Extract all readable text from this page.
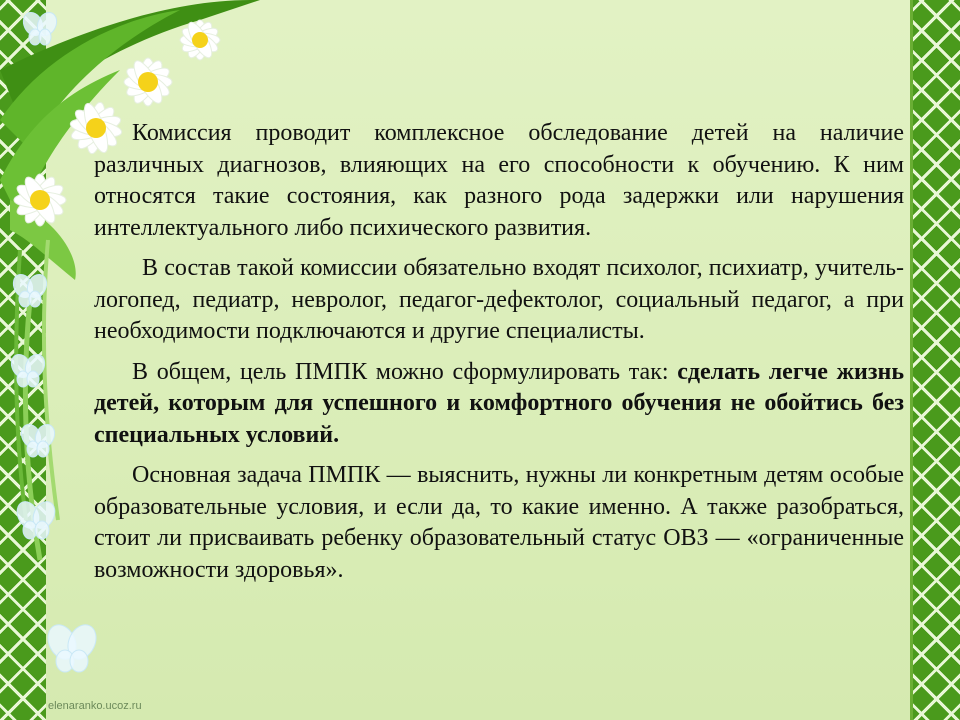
Комиссия проводит комплексное обследование детей на наличие различных диагнозов, влияющих на его способности к обучению. К ним относятся такие состояния, как разного рода задержки или нарушения интеллектуального либо психического развития.

В состав такой комиссии обязательно входят психолог, психиатр, учитель-логопед, педиатр, невролог, педагог-дефектолог, социальный педагог, а при необходимости подключаются и другие специалисты.

В общем, цель ПМПК можно сформулировать так: сделать легче жизнь детей, которым для успешного и комфортного обучения не обойтись без специальных условий.

Основная задача ПМПК — выяснить, нужны ли конкретным детям особые образовательные условия, и если да, то какие именно. А также разобраться, стоит ли присваивать ребенку образовательный статус ОВЗ — «ограниченные возможности здоровья».

elenaranko.ucoz.ru
